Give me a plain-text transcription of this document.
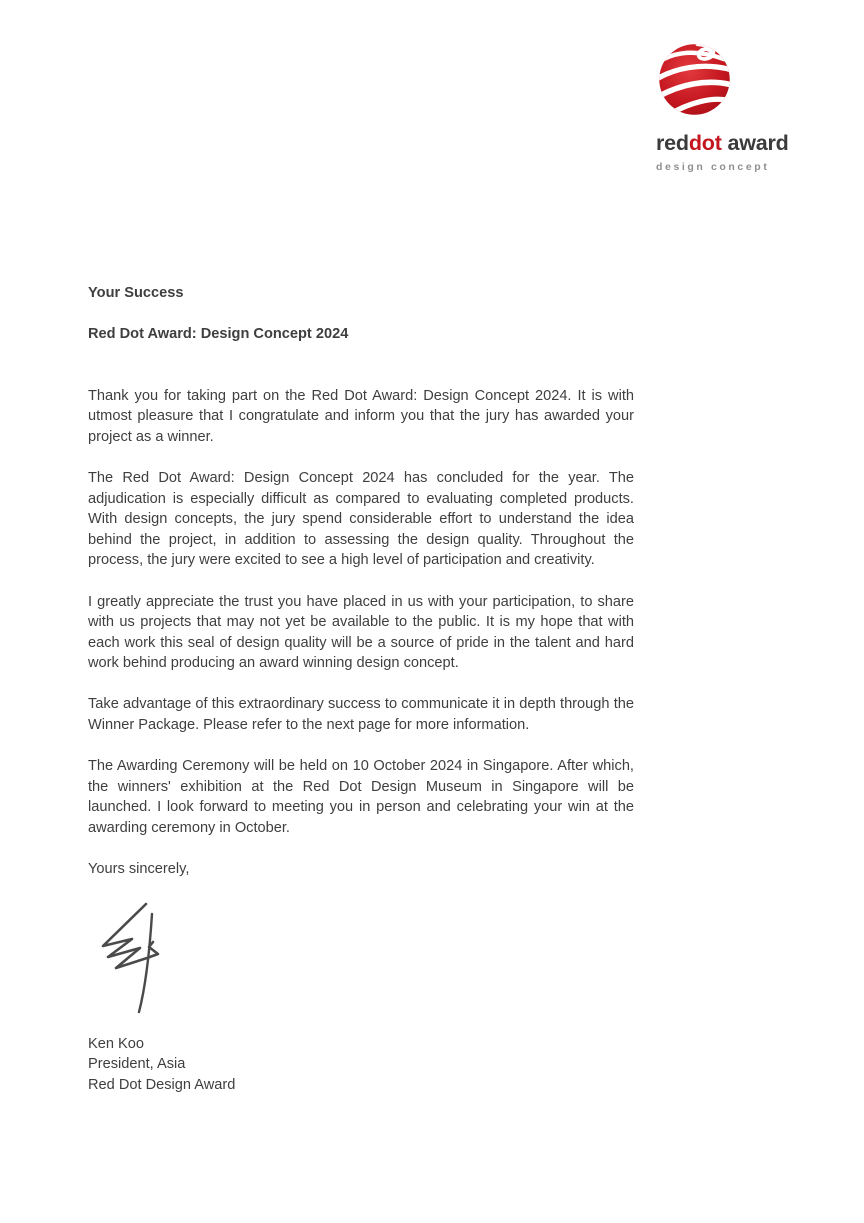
reddot award
design concept

Your Success

Red Dot Award: Design Concept 2024

Thank you for taking part on the Red Dot Award: Design Concept 2024. It is with utmost pleasure that I congratulate and inform you that the jury has awarded your project as a winner.

The Red Dot Award: Design Concept 2024 has concluded for the year. The adjudication is especially difficult as compared to evaluating completed products. With design concepts, the jury spend considerable effort to understand the idea behind the project, in addition to assessing the design quality. Throughout the process, the jury were excited to see a high level of participation and creativity.

I greatly appreciate the trust you have placed in us with your participation, to share with us projects that may not yet be available to the public. It is my hope that with each work this seal of design quality will be a source of pride in the talent and hard work behind producing an award winning design concept.

Take advantage of this extraordinary success to communicate it in depth through the Winner Package. Please refer to the next page for more information.

The Awarding Ceremony will be held on 10 October 2024 in Singapore. After which, the winners' exhibition at the Red Dot Design Museum in Singapore will be launched. I look forward to meeting you in person and celebrating your win at the awarding ceremony in October.

Yours sincerely,

Ken Koo
President, Asia
Red Dot Design Award
